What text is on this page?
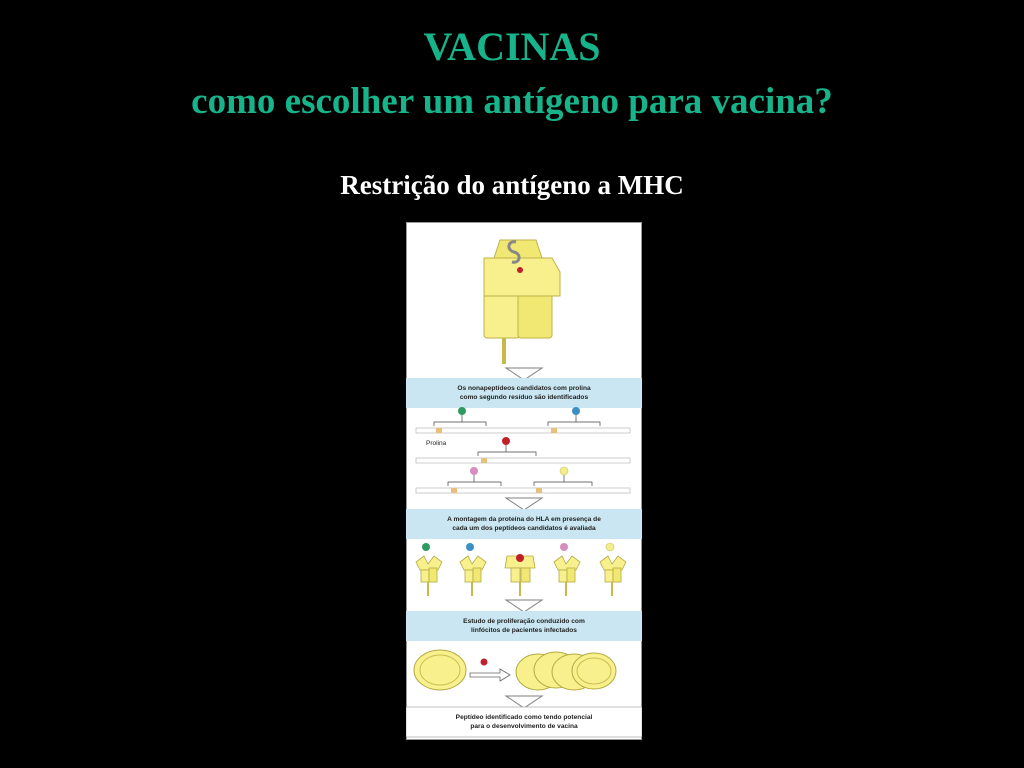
VACINAS
como escolher um antígeno para vacina?
Restrição do antígeno a MHC
Os nonapeptídeos candidatos com prolina
como segundo resíduo são identificados
Prolina
A montagem da proteína do HLA em presença de
cada um dos peptídeos candidatos é avaliada
Estudo de proliferação conduzido com
linfócitos de pacientes infectados
Peptídeo identificado como tendo potencial
para o desenvolvimento de vacina
